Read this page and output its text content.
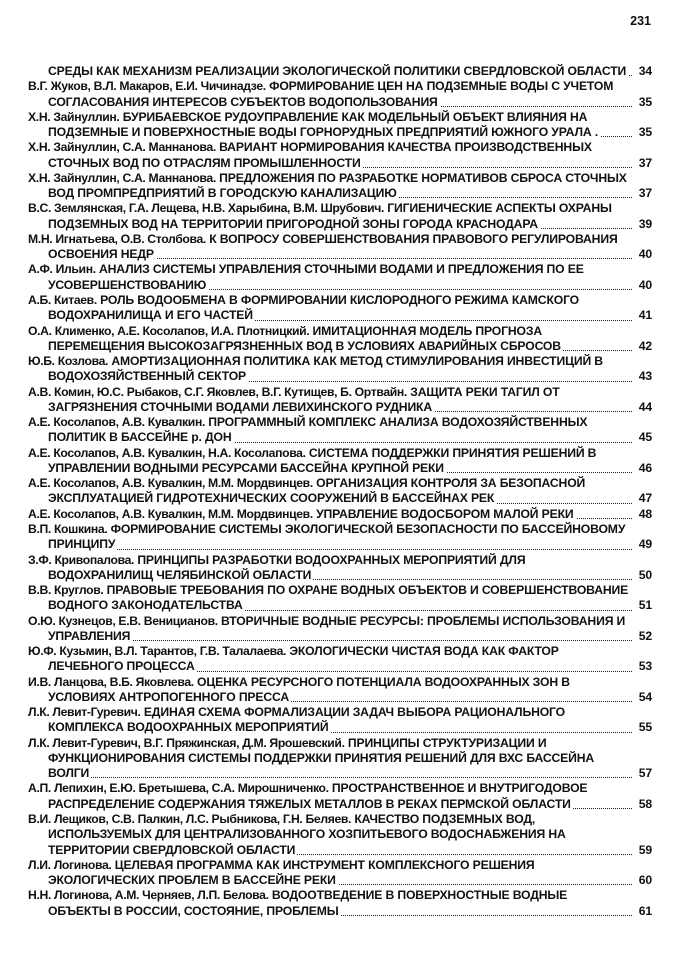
231
СРЕДЫ КАК МЕХАНИЗМ РЕАЛИЗАЦИИ ЭКОЛОГИЧЕСКОЙ ПОЛИТИКИ СВЕРДЛОВСКОЙ ОБЛАСТИ 34
В.Г. Жуков, В.Л. Макаров, Е.И. Чичинадзе. ФОРМИРОВАНИЕ ЦЕН НА ПОДЗЕМНЫЕ ВОДЫ С УЧЕТОМ СОГЛАСОВАНИЯ ИНТЕРЕСОВ СУБЪЕКТОВ ВОДОПОЛЬЗОВАНИЯ	35
Х.Н. Зайнуллин. БУРИБАЕВСКОЕ РУДОУПРАВЛЕНИЕ КАК МОДЕЛЬНЫЙ ОБЪЕКТ ВЛИЯНИЯ НА ПОДЗЕМНЫЕ И ПОВЕРХНОСТНЫЕ ВОДЫ ГОРНОРУДНЫХ ПРЕДПРИЯТИЙ ЮЖНОГО УРАЛА .	35
Х.Н. Зайнуллин, С.А. Маннанова. ВАРИАНТ НОРМИРОВАНИЯ КАЧЕСТВА ПРОИЗВОДСТВЕННЫХ СТОЧНЫХ ВОД ПО ОТРАСЛЯМ ПРОМЫШЛЕННОСТИ	37
Х.Н. Зайнуллин, С.А. Маннанова. ПРЕДЛОЖЕНИЯ ПО РАЗРАБОТКЕ НОРМАТИВОВ СБРОСА СТОЧНЫХ ВОД ПРОМПРЕДПРИЯТИЙ В ГОРОДСКУЮ КАНАЛИЗАЦИЮ	37
В.С. Землянская, Г.А. Лещева, Н.В. Харыбина, В.М. Шрубович. ГИГИЕНИЧЕСКИЕ АСПЕКТЫ ОХРАНЫ ПОДЗЕМНЫХ ВОД НА ТЕРРИТОРИИ ПРИГОРОДНОЙ ЗОНЫ ГОРОДА КРАСНОДАРА	39
М.Н. Игнатьева, О.В. Столбова. К ВОПРОСУ СОВЕРШЕНСТВОВАНИЯ ПРАВОВОГО РЕГУЛИРОВАНИЯ ОСВОЕНИЯ НЕДР	40
А.Ф. Ильин. АНАЛИЗ СИСТЕМЫ УПРАВЛЕНИЯ СТОЧНЫМИ ВОДАМИ И ПРЕДЛОЖЕНИЯ ПО ЕЕ УСОВЕРШЕНСТВОВАНИЮ	40
А.Б. Китаев. РОЛЬ ВОДООБМЕНА В ФОРМИРОВАНИИ КИСЛОРОДНОГО РЕЖИМА КАМСКОГО ВОДОХРАНИЛИЩА И ЕГО ЧАСТЕЙ	41
О.А. Клименко, А.Е. Косолапов, И.А. Плотницкий. ИМИТАЦИОННАЯ МОДЕЛЬ ПРОГНОЗА ПЕРЕМЕЩЕНИЯ ВЫСОКОЗАГРЯЗНЕННЫХ ВОД В УСЛОВИЯХ АВАРИЙНЫХ СБРОСОВ	42
Ю.Б. Козлова. АМОРТИЗАЦИОННАЯ ПОЛИТИКА КАК МЕТОД СТИМУЛИРОВАНИЯ ИНВЕСТИЦИЙ В ВОДОХОЗЯЙСТВЕННЫЙ СЕКТОР	43
А.В. Комин, Ю.С. Рыбаков, С.Г. Яковлев, В.Г. Кутищев, Б. Ортвайн. ЗАЩИТА РЕКИ ТАГИЛ ОТ ЗАГРЯЗНЕНИЯ СТОЧНЫМИ ВОДАМИ ЛЕВИХИНСКОГО РУДНИКА	44
А.Е. Косолапов, А.В. Кувалкин. ПРОГРАММНЫЙ КОМПЛЕКС АНАЛИЗА ВОДОХОЗЯЙСТВЕННЫХ ПОЛИТИК В БАССЕЙНЕ р. ДОН	45
А.Е. Косолапов, А.В. Кувалкин, Н.А. Косолапова. СИСТЕМА ПОДДЕРЖКИ ПРИНЯТИЯ РЕШЕНИЙ В УПРАВЛЕНИИ ВОДНЫМИ РЕСУРСАМИ БАССЕЙНА КРУПНОЙ РЕКИ	46
А.Е. Косолапов, А.В. Кувалкин, М.М. Мордвинцев. ОРГАНИЗАЦИЯ КОНТРОЛЯ ЗА БЕЗОПАСНОЙ ЭКСПЛУАТАЦИЕЙ ГИДРОТЕХНИЧЕСКИХ СООРУЖЕНИЙ В БАССЕЙНАХ РЕК	47
А.Е. Косолапов, А.В. Кувалкин, М.М. Мордвинцев. УПРАВЛЕНИЕ ВОДОСБОРОМ МАЛОЙ РЕКИ	48
В.П. Кошкина. ФОРМИРОВАНИЕ СИСТЕМЫ ЭКОЛОГИЧЕСКОЙ БЕЗОПАСНОСТИ ПО БАССЕЙНОВОМУ ПРИНЦИПУ	49
З.Ф. Кривопалова. ПРИНЦИПЫ РАЗРАБОТКИ ВОДООХРАННЫХ МЕРОПРИЯТИЙ ДЛЯ ВОДОХРАНИЛИЩ ЧЕЛЯБИНСКОЙ ОБЛАСТИ	50
В.В. Круглов. ПРАВОВЫЕ ТРЕБОВАНИЯ ПО ОХРАНЕ ВОДНЫХ ОБЪЕКТОВ И СОВЕРШЕНСТВОВАНИЕ ВОДНОГО ЗАКОНОДАТЕЛЬСТВА	51
О.Ю. Кузнецов, Е.В. Веницианов. ВТОРИЧНЫЕ ВОДНЫЕ РЕСУРСЫ: ПРОБЛЕМЫ ИСПОЛЬЗОВАНИЯ И УПРАВЛЕНИЯ	52
Ю.Ф. Кузьмин, В.Л. Тарантов, Г.В. Талалаева. ЭКОЛОГИЧЕСКИ ЧИСТАЯ ВОДА КАК ФАКТОР ЛЕЧЕБНОГО ПРОЦЕССА	53
И.В. Ланцова, В.Б. Яковлева. ОЦЕНКА РЕСУРСНОГО ПОТЕНЦИАЛА ВОДООХРАННЫХ ЗОН В УСЛОВИЯХ АНТРОПОГЕННОГО ПРЕССА	54
Л.К. Левит-Гуревич. ЕДИНАЯ СХЕМА ФОРМАЛИЗАЦИИ ЗАДАЧ ВЫБОРА РАЦИОНАЛЬНОГО КОМПЛЕКСА ВОДООХРАННЫХ МЕРОПРИЯТИЙ	55
Л.К. Левит-Гуревич, В.Г. Пряжинская, Д.М. Ярошевский. ПРИНЦИПЫ СТРУКТУРИЗАЦИИ И ФУНКЦИОНИРОВАНИЯ СИСТЕМЫ ПОДДЕРЖКИ ПРИНЯТИЯ РЕШЕНИЙ ДЛЯ ВХС БАССЕЙНА ВОЛГИ	57
А.П. Лепихин, Е.Ю. Бретышева, С.А. Мирошниченко. ПРОСТРАНСТВЕННОЕ И ВНУТРИГОДОВОЕ РАСПРЕДЕЛЕНИЕ СОДЕРЖАНИЯ ТЯЖЕЛЫХ МЕТАЛЛОВ В РЕКАХ ПЕРМСКОЙ ОБЛАСТИ	58
В.И. Лещиков, С.В. Палкин, Л.С. Рыбникова, Г.Н. Беляев. КАЧЕСТВО ПОДЗЕМНЫХ ВОД, ИСПОЛЬЗУЕМЫХ ДЛЯ ЦЕНТРАЛИЗОВАННОГО ХОЗПИТЬЕВОГО ВОДОСНАБЖЕНИЯ НА ТЕРРИТОРИИ СВЕРДЛОВСКОЙ ОБЛАСТИ	59
Л.И. Логинова. ЦЕЛЕВАЯ ПРОГРАММА КАК ИНСТРУМЕНТ КОМПЛЕКСНОГО РЕШЕНИЯ ЭКОЛОГИЧЕСКИХ ПРОБЛЕМ В БАССЕЙНЕ РЕКИ	60
Н.Н. Логинова, А.М. Черняев, Л.П. Белова. ВОДООТВЕДЕНИЕ В ПОВЕРХНОСТНЫЕ ВОДНЫЕ ОБЪЕКТЫ В РОССИИ, СОСТОЯНИЕ, ПРОБЛЕМЫ	61
